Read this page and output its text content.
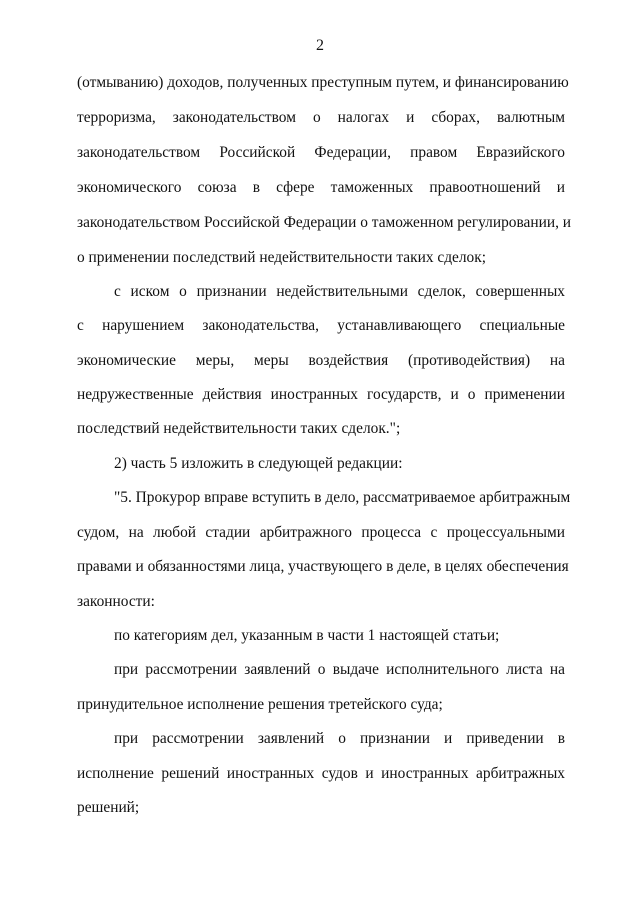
2
(отмыванию) доходов, полученных преступным путем, и финансированию
терроризма, законодательством о налогах и сборах, валютным
законодательством Российской Федерации, правом Евразийского
экономического союза в сфере таможенных правоотношений и
законодательством Российской Федерации о таможенном регулировании, и
о применении последствий недействительности таких сделок;
с иском о признании недействительными сделок, совершенных
с нарушением законодательства, устанавливающего специальные
экономические меры, меры воздействия (противодействия) на
недружественные действия иностранных государств, и о применении
последствий недействительности таких сделок.";
2) часть 5 изложить в следующей редакции:
"5. Прокурор вправе вступить в дело, рассматриваемое арбитражным
судом, на любой стадии арбитражного процесса с процессуальными
правами и обязанностями лица, участвующего в деле, в целях обеспечения
законности:
по категориям дел, указанным в части 1 настоящей статьи;
при рассмотрении заявлений о выдаче исполнительного листа на
принудительное исполнение решения третейского суда;
при рассмотрении заявлений о признании и приведении в
исполнение решений иностранных судов и иностранных арбитражных
решений;
